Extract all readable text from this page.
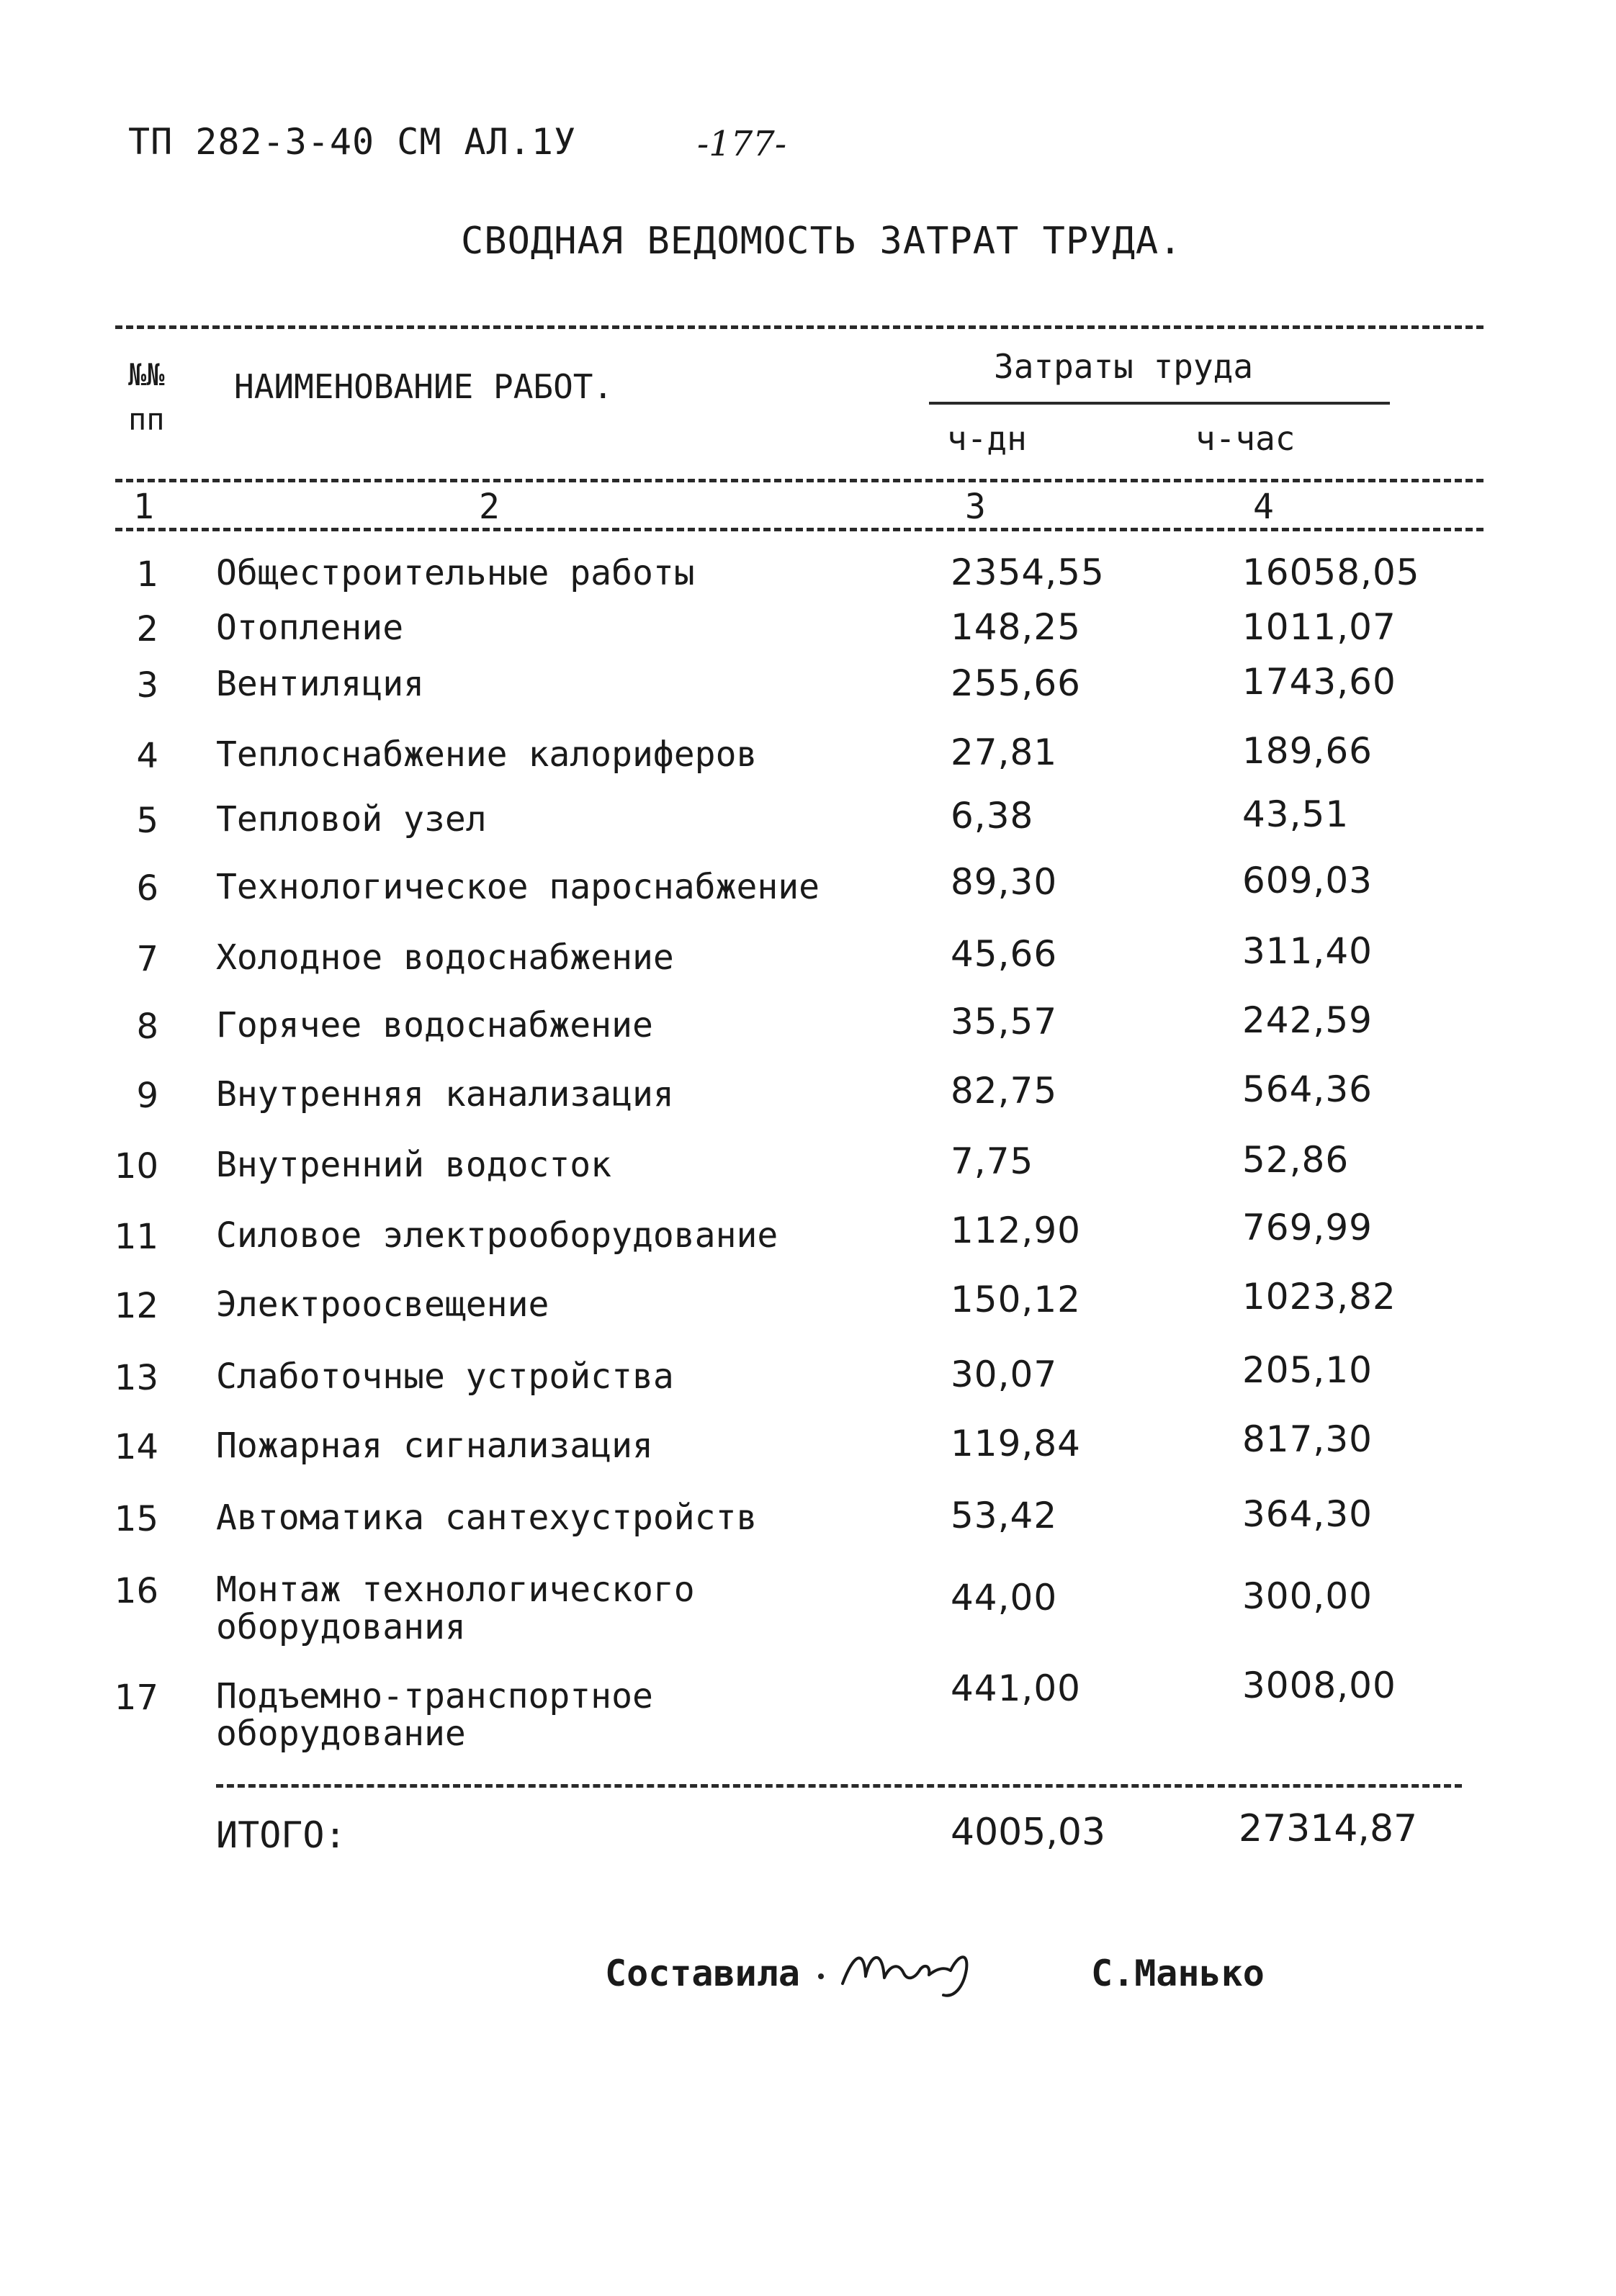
ТП 282-3-40 СМ АЛ.1У	-177-
СВОДНАЯ ВЕДОМОСТЬ ЗАТРАТ ТРУДА.
№№
пп
НАИМЕНОВАНИЕ РАБОТ.
Затраты труда
ч-дн	ч-час
1	2	3	4
1 Общестроительные работы	2354,55	16058,05
2 Отопление	148,25	1011,07
3 Вентиляция	255,66	1743,60
4 Теплоснабжение калориферов	27,81	189,66
5 Тепловой узел	6,38	43,51
6 Технологическое пароснабжение	89,30	609,03
7 Холодное водоснабжение	45,66	311,40
8 Горячее водоснабжение	35,57	242,59
9 Внутренняя канализация	82,75	564,36
10 Внутренний водосток	7,75	52,86
11 Силовое электрооборудование	112,90	769,99
12 Электроосвещение	150,12	1023,82
13 Слаботочные устройства	30,07	205,10
14 Пожарная сигнализация	119,84	817,30
15 Автоматика сантехустройств	53,42	364,30
16 Монтаж технологического
оборудования
44,00	300,00
17 Подъемно-транспортное
оборудование
441,00	3008,00
ИТОГО:	4005,03	27314,87
Составила	С.Манько
